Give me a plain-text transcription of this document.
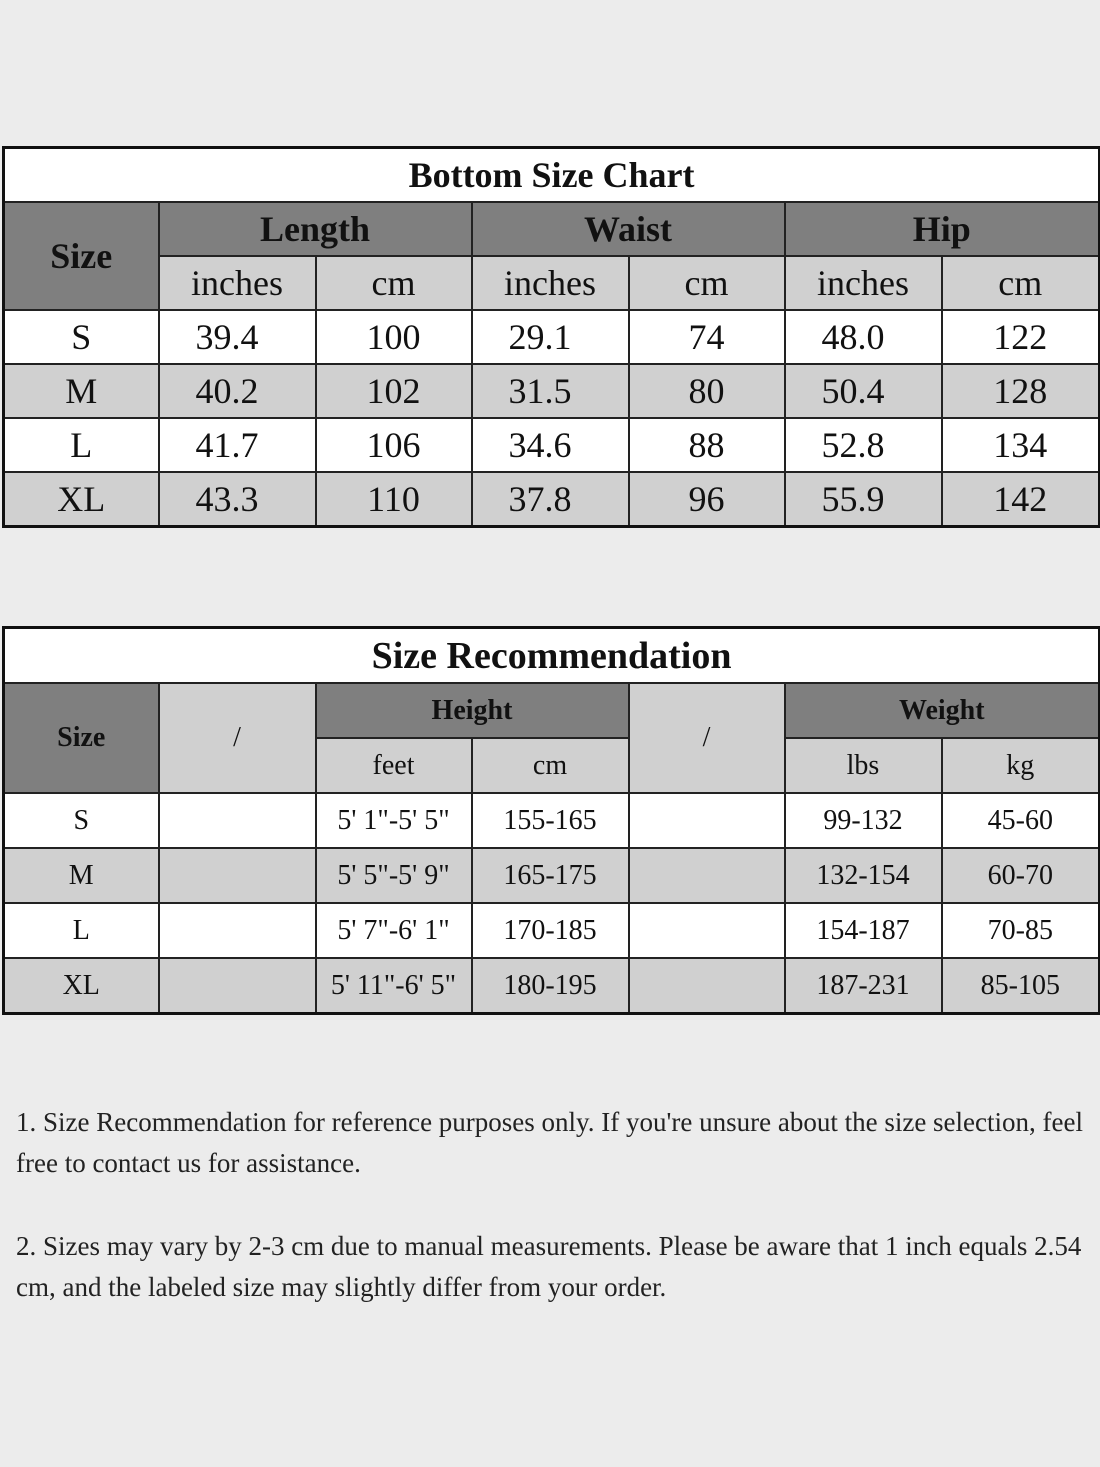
Bottom Size Chart						
Size	Length		Waist		Hip	
	inches	cm	inches	cm	inches	cm
S	39.4	100	29.1	74	48.0	122
M	40.2	102	31.5	80	50.4	128
L	41.7	106	34.6	88	52.8	134
XL	43.3	110	37.8	96	55.9	142
Size Recommendation						
Size	/	Height		/	Weight	
		feet	cm		lbs	kg
S		5' 1"-5' 5"	155-165		99-132	45-60
M		5' 5"-5' 9"	165-175		132-154	60-70
L		5' 7"-6' 1"	170-185		154-187	70-85
XL		5' 11"-6' 5"	180-195		187-231	85-105

1. Size Recommendation for reference purposes only. If you're unsure about the size selection, feel free to contact us for assistance.

2. Sizes may vary by 2-3 cm due to manual measurements. Please be aware that 1 inch equals 2.54 cm, and the labeled size may slightly differ from your order.
